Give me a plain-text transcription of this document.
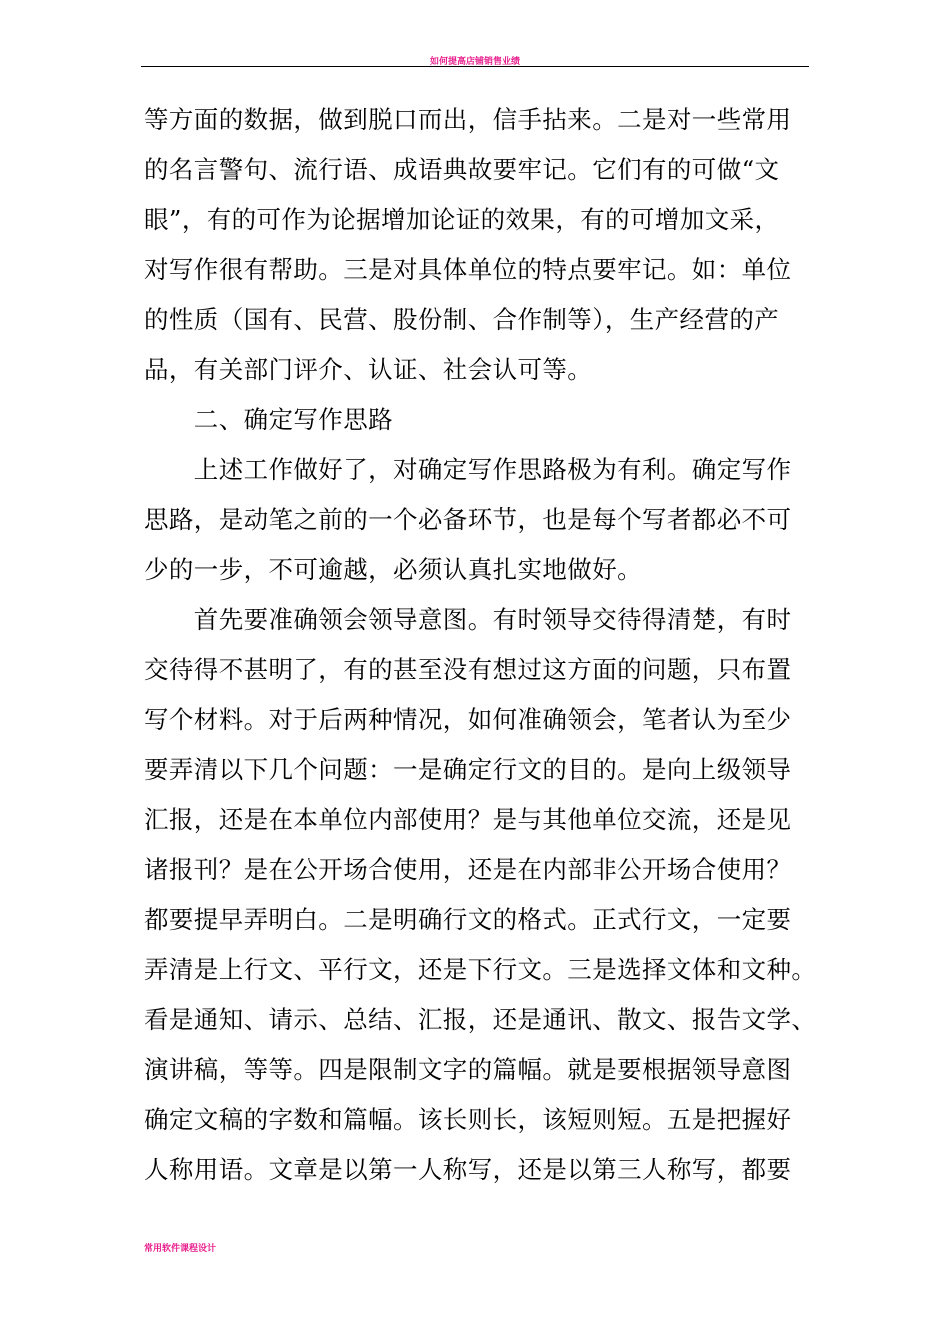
如何提高店铺销售业绩
等方面的数据，做到脱口而出，信手拈来。二是对一些常用
的名言警句、流行语、成语典故要牢记。它们有的可做“文
眼”，有的可作为论据增加论证的效果，有的可增加文采，
对写作很有帮助。三是对具体单位的特点要牢记。如：单位
的性质（国有、民营、股份制、合作制等），生产经营的产
品，有关部门评介、认证、社会认可等。
　　二、确定写作思路
　　上述工作做好了，对确定写作思路极为有利。确定写作
思路，是动笔之前的一个必备环节，也是每个写者都必不可
少的一步，不可逾越，必须认真扎实地做好。
　　首先要准确领会领导意图。有时领导交待得清楚，有时
交待得不甚明了，有的甚至没有想过这方面的问题，只布置
写个材料。对于后两种情况，如何准确领会，笔者认为至少
要弄清以下几个问题：一是确定行文的目的。是向上级领导
汇报，还是在本单位内部使用？是与其他单位交流，还是见
诸报刊？是在公开场合使用，还是在内部非公开场合使用？
都要提早弄明白。二是明确行文的格式。正式行文，一定要
弄清是上行文、平行文，还是下行文。三是选择文体和文种。
看是通知、请示、总结、汇报，还是通讯、散文、报告文学、
演讲稿，等等。四是限制文字的篇幅。就是要根据领导意图
确定文稿的字数和篇幅。该长则长，该短则短。五是把握好
人称用语。文章是以第一人称写，还是以第三人称写，都要
常用软件课程设计
